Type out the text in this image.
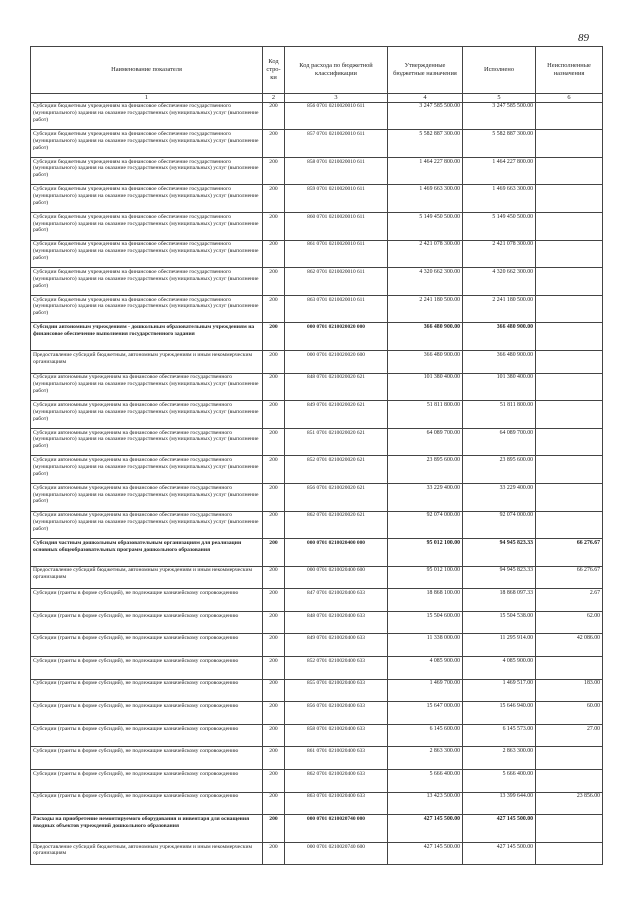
89
Наименование показателя	Код стро-ки	Код расхода по бюджетной классификации	Утвержденные бюджетные назначения	Исполнено	Неисполненные назначения
1	2	3	4	5	6
Субсидии бюджетным учреждениям на финансовое обеспечение государственного (муниципального) задания на оказание государственных (муниципальных) услуг (выполнение работ)	200	856 0701 0210020010 611	3 247 585 500.00	3 247 585 500.00	
Субсидии бюджетным учреждениям на финансовое обеспечение государственного (муниципального) задания на оказание государственных (муниципальных) услуг (выполнение работ)	200	857 0701 0210020010 611	5 582 887 300.00	5 582 887 300.00	
Субсидии бюджетным учреждениям на финансовое обеспечение государственного (муниципального) задания на оказание государственных (муниципальных) услуг (выполнение работ)	200	858 0701 0210020010 611	1 464 227 800.00	1 464 227 800.00	
Субсидии бюджетным учреждениям на финансовое обеспечение государственного (муниципального) задания на оказание государственных (муниципальных) услуг (выполнение работ)	200	859 0701 0210020010 611	1 469 663 300.00	1 469 663 300.00	
Субсидии бюджетным учреждениям на финансовое обеспечение государственного (муниципального) задания на оказание государственных (муниципальных) услуг (выполнение работ)	200	860 0701 0210020010 611	5 149 450 500.00	5 149 450 500.00	
Субсидии бюджетным учреждениям на финансовое обеспечение государственного (муниципального) задания на оказание государственных (муниципальных) услуг (выполнение работ)	200	861 0701 0210020010 611	2 421 078 300.00	2 421 078 300.00	
Субсидии бюджетным учреждениям на финансовое обеспечение государственного (муниципального) задания на оказание государственных (муниципальных) услуг (выполнение работ)	200	862 0701 0210020010 611	4 320 662 300.00	4 320 662 300.00	
Субсидии бюджетным учреждениям на финансовое обеспечение государственного (муниципального) задания на оказание государственных (муниципальных) услуг (выполнение работ)	200	863 0701 0210020010 611	2 241 180 500.00	2 241 180 500.00	
Субсидии автономным учреждениям - дошкольным образовательным учреждениям на финансовое обеспечение выполнения государственного задания	200	000 0701 0210020020 000	366 480 900.00	366 480 900.00	
Предоставление субсидий бюджетным, автономным учреждениям и иным некоммерческим организациям	200	000 0701 0210020020 600	366 480 900.00	366 480 900.00	
Субсидии автономным учреждениям на финансовое обеспечение государственного (муниципального) задания на оказание государственных (муниципальных) услуг (выполнение работ)	200	848 0701 0210020020 621	101 380 400.00	101 380 400.00	
Субсидии автономным учреждениям на финансовое обеспечение государственного (муниципального) задания на оказание государственных (муниципальных) услуг (выполнение работ)	200	849 0701 0210020020 621	51 811 800.00	51 811 800.00	
Субсидии автономным учреждениям на финансовое обеспечение государственного (муниципального) задания на оказание государственных (муниципальных) услуг (выполнение работ)	200	851 0701 0210020020 621	64 089 700.00	64 089 700.00	
Субсидии автономным учреждениям на финансовое обеспечение государственного (муниципального) задания на оказание государственных (муниципальных) услуг (выполнение работ)	200	852 0701 0210020020 621	23 895 600.00	23 895 600.00	
Субсидии автономным учреждениям на финансовое обеспечение государственного (муниципального) задания на оказание государственных (муниципальных) услуг (выполнение работ)	200	856 0701 0210020020 621	33 229 400.00	33 229 400.00	
Субсидии автономным учреждениям на финансовое обеспечение государственного (муниципального) задания на оказание государственных (муниципальных) услуг (выполнение работ)	200	862 0701 0210020020 621	92 074 000.00	92 074 000.00	
Субсидия частным дошкольным образовательным организациям для реализации основных общеобразовательных программ дошкольного образования	200	000 0701 0210020400 000	95 012 100.00	94 945 823.33	66 276.67
Предоставление субсидий бюджетным, автономным учреждениям и иным некоммерческим организациям	200	000 0701 0210020400 600	95 012 100.00	94 945 823.33	66 276.67
Субсидии (гранты в форме субсидий), не подлежащие казначейскому сопровождению	200	847 0701 0210020400 633	18 868 100.00	18 868 097.33	2.67
Субсидии (гранты в форме субсидий), не подлежащие казначейскому сопровождению	200	848 0701 0210020400 633	15 504 600.00	15 504 538.00	62.00
Субсидии (гранты в форме субсидий), не подлежащие казначейскому сопровождению	200	849 0701 0210020400 633	11 338 000.00	11 295 914.00	42 086.00
Субсидии (гранты в форме субсидий), не подлежащие казначейскому сопровождению	200	852 0701 0210020400 633	4 085 900.00	4 085 900.00	
Субсидии (гранты в форме субсидий), не подлежащие казначейскому сопровождению	200	855 0701 0210020400 633	1 469 700.00	1 469 517.00	183.00
Субсидии (гранты в форме субсидий), не подлежащие казначейскому сопровождению	200	856 0701 0210020400 633	15 647 000.00	15 646 940.00	60.00
Субсидии (гранты в форме субсидий), не подлежащие казначейскому сопровождению	200	858 0701 0210020400 633	6 145 600.00	6 145 573.00	27.00
Субсидии (гранты в форме субсидий), не подлежащие казначейскому сопровождению	200	861 0701 0210020400 633	2 863 300.00	2 863 300.00	
Субсидии (гранты в форме субсидий), не подлежащие казначейскому сопровождению	200	862 0701 0210020400 633	5 666 400.00	5 666 400.00	
Субсидии (гранты в форме субсидий), не подлежащие казначейскому сопровождению	200	863 0701 0210020400 633	13 423 500.00	13 399 644.00	23 856.00
Расходы на приобретение немонтируемого оборудования и инвентаря для оснащения вводных объектов учреждений дошкольного образования	200	000 0701 0210020740 000	427 145 500.00	427 145 500.00	
Предоставление субсидий бюджетным, автономным учреждениям и иным некоммерческим организациям	200	000 0701 0210020740 600	427 145 500.00	427 145 500.00	
